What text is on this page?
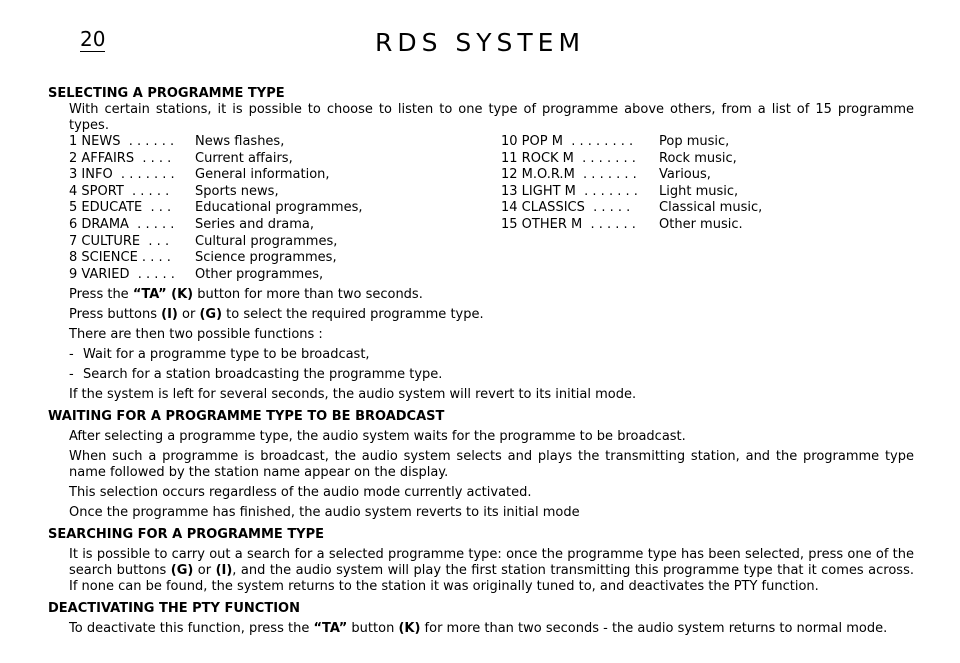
20	RDS SYSTEM
SELECTING A PROGRAMME TYPE

With certain stations, it is possible to choose to listen to one type of programme above others, from a list of 15 programme types.

1 NEWS  . . . . . .	News flashes,
2 AFFAIRS  . . . .	Current affairs,
3 INFO  . . . . . . .	General information,
4 SPORT  . . . . .	Sports news,
5 EDUCATE  . . .	Educational programmes,
6 DRAMA  . . . . .	Series and drama,
7 CULTURE  . . .	Cultural programmes,
8 SCIENCE . . . .	Science programmes,
9 VARIED  . . . . .	Other programmes,
10 POP M  . . . . . . . .	Pop music,
11 ROCK M  . . . . . . .	Rock music,
12 M.O.R.M  . . . . . . .	Various,
13 LIGHT M  . . . . . . .	Light music,
14 CLASSICS  . . . . .	Classical music,
15 OTHER M  . . . . . .	Other music.

Press the “TA” (K) button for more than two seconds.

Press buttons (I) or (G) to select the required programme type.

There are then two possible functions :

- Wait for a programme type to be broadcast,
- Search for a station broadcasting the programme type.

If the system is left for several seconds, the audio system will revert to its initial mode.

WAITING FOR A PROGRAMME TYPE TO BE BROADCAST

After selecting a programme type, the audio system waits for the programme to be broadcast.

When such a programme is broadcast, the audio system selects and plays the transmitting station, and the programme type name followed by the station name appear on the display.

This selection occurs regardless of the audio mode currently activated.

Once the programme has finished, the audio system reverts to its initial mode

SEARCHING FOR A PROGRAMME TYPE

It is possible to carry out a search for a selected programme type: once the programme type has been selected, press one of the search buttons (G) or (I), and the audio system will play the first station transmitting this programme type that it comes across. If none can be found, the system returns to the station it was originally tuned to, and deactivates the PTY function.

DEACTIVATING THE PTY FUNCTION

To deactivate this function, press the “TA” button (K) for more than two seconds - the audio system returns to normal mode.
